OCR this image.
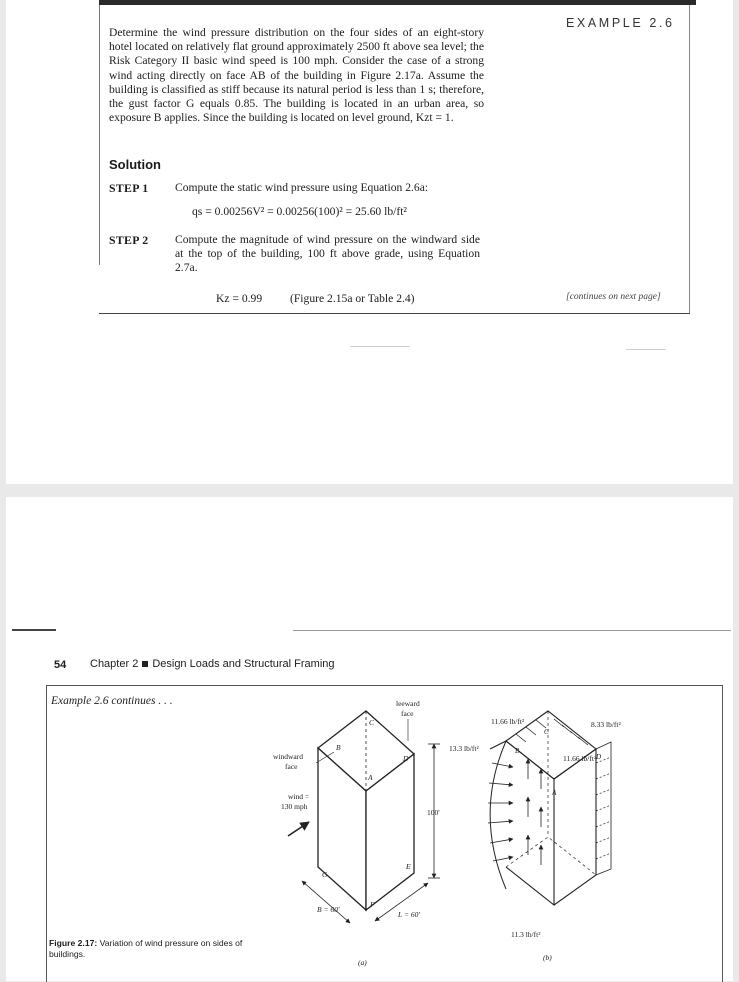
EXAMPLE 2.6
Determine the wind pressure distribution on the four sides of an eight-story hotel located on relatively flat ground approximately 2500 ft above sea level; the Risk Category II basic wind speed is 100 mph. Consider the case of a strong wind acting directly on face AB of the building in Figure 2.17a. Assume the building is classified as stiff because its natural period is less than 1 s; therefore, the gust factor G equals 0.85. The building is located in an urban area, so exposure B applies. Since the building is located on level ground, Kzt = 1.
Solution
STEP 1 Compute the static wind pressure using Equation 2.6a:
qs = 0.00256V² = 0.00256(100)² = 25.60 lb/ft²
STEP 2 Compute the magnitude of wind pressure on the windward side at the top of the building, 100 ft above grade, using Equation 2.7a.
Kz = 0.99 (Figure 2.15a or Table 2.4)	[continues on next page]
54 Chapter 2 Design Loads and Structural Framing
Example 2.6 continues . . .
Figure 2.17: Variation of wind pressure on sides of buildings.
B
C
D
A
E
F
G
100'
B = 60'
L = 60'
leeward
face
windward
face
wind =
130 mph
(a)
11.66 lb/ft²	8.33 lb/ft²
13.3 lb/ft²
11.66 lb/ft²
11.3 lb/ft²
(b)
C
B
D
A
